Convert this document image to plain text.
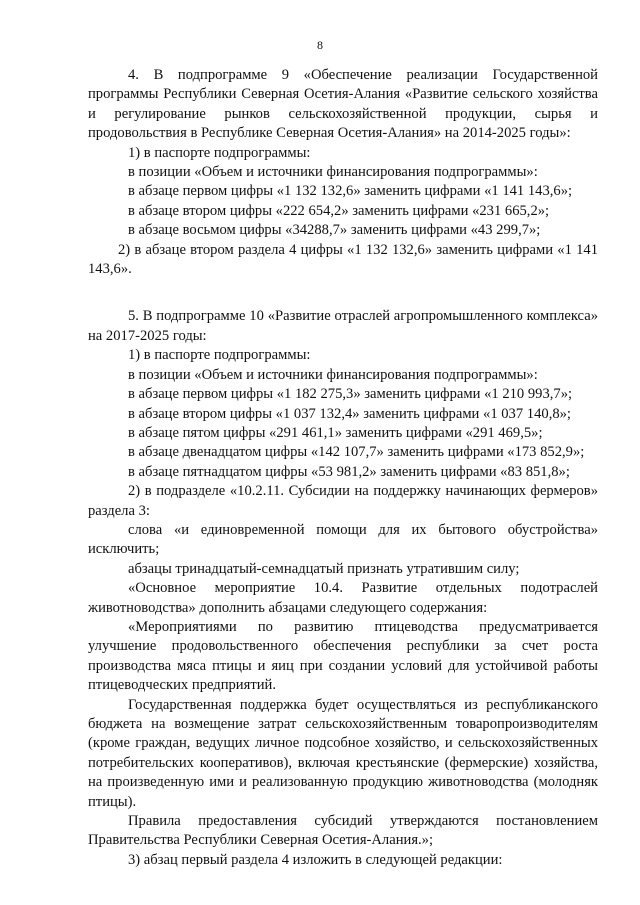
8

4. В подпрограмме 9 «Обеспечение реализации Государственной программы Республики Северная Осетия-Алания «Развитие сельского хозяйства и регулирование рынков сельскохозяйственной продукции, сырья и продовольствия в Республике Северная Осетия-Алания» на 2014-2025 годы»:

1) в паспорте подпрограммы:

в позиции «Объем и источники финансирования подпрограммы»:

в абзаце первом цифры «1 132 132,6» заменить цифрами «1 141 143,6»;

в абзаце втором цифры «222 654,2» заменить цифрами «231 665,2»;

в абзаце восьмом цифры «34288,7» заменить цифрами «43 299,7»;

2) в абзаце втором раздела 4 цифры «1 132 132,6» заменить цифрами «1 141 143,6».

5. В подпрограмме 10 «Развитие отраслей агропромышленного комплекса» на 2017-2025 годы:

1) в паспорте подпрограммы:

в позиции «Объем и источники финансирования подпрограммы»:

в абзаце первом цифры «1 182 275,3» заменить цифрами «1 210 993,7»;

в абзаце втором цифры «1 037 132,4» заменить цифрами «1 037 140,8»;

в абзаце пятом цифры «291 461,1» заменить цифрами «291 469,5»;

в абзаце двенадцатом цифры «142 107,7» заменить цифрами «173 852,9»;

в абзаце пятнадцатом цифры «53 981,2» заменить цифрами «83 851,8»;

2) в подразделе «10.2.11. Субсидии на поддержку начинающих фермеров» раздела 3:

слова «и единовременной помощи для их бытового обустройства» исключить;

абзацы тринадцатый-семнадцатый признать утратившим силу;

«Основное мероприятие 10.4. Развитие отдельных подотраслей животноводства» дополнить абзацами следующего содержания:

«Мероприятиями по развитию птицеводства предусматривается улучшение продовольственного обеспечения республики за счет роста производства мяса птицы и яиц при создании условий для устойчивой работы птицеводческих предприятий.

Государственная поддержка будет осуществляться из республиканского бюджета на возмещение затрат сельскохозяйственным товаропроизводителям (кроме граждан, ведущих личное подсобное хозяйство, и сельскохозяйственных потребительских кооперативов), включая крестьянские (фермерские) хозяйства, на произведенную ими и реализованную продукцию животноводства (молодняк птицы).

Правила предоставления субсидий утверждаются постановлением Правительства Республики Северная Осетия-Алания.»;

3) абзац первый раздела 4 изложить в следующей редакции:
